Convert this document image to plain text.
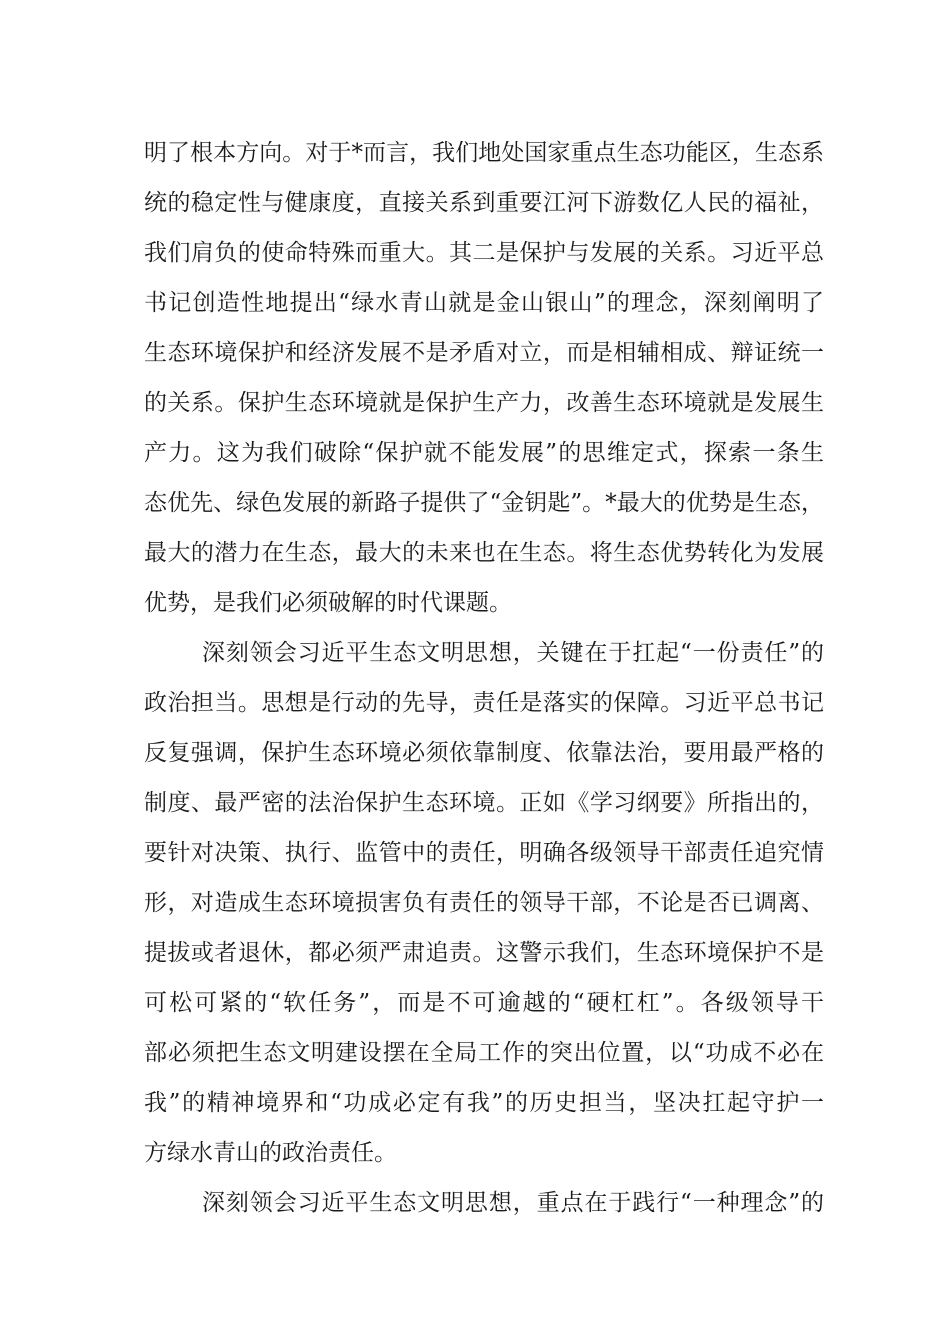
明了根本方向。对于*而言，我们地处国家重点生态功能区，生态系
统的稳定性与健康度，直接关系到重要江河下游数亿人民的福祉，
我们肩负的使命特殊而重大。其二是保护与发展的关系。习近平总
书记创造性地提出“绿水青山就是金山银山”的理念，深刻阐明了
生态环境保护和经济发展不是矛盾对立，而是相辅相成、辩证统一
的关系。保护生态环境就是保护生产力，改善生态环境就是发展生
产力。这为我们破除“保护就不能发展”的思维定式，探索一条生
态优先、绿色发展的新路子提供了“金钥匙”。*最大的优势是生态，
最大的潜力在生态，最大的未来也在生态。将生态优势转化为发展
优势，是我们必须破解的时代课题。
深刻领会习近平生态文明思想，关键在于扛起“一份责任”的
政治担当。思想是行动的先导，责任是落实的保障。习近平总书记
反复强调，保护生态环境必须依靠制度、依靠法治，要用最严格的
制度、最严密的法治保护生态环境。正如《学习纲要》所指出的，
要针对决策、执行、监管中的责任，明确各级领导干部责任追究情
形，对造成生态环境损害负有责任的领导干部，不论是否已调离、
提拔或者退休，都必须严肃追责。这警示我们，生态环境保护不是
可松可紧的“软任务”，而是不可逾越的“硬杠杠”。各级领导干
部必须把生态文明建设摆在全局工作的突出位置，以“功成不必在
我”的精神境界和“功成必定有我”的历史担当，坚决扛起守护一
方绿水青山的政治责任。
深刻领会习近平生态文明思想，重点在于践行“一种理念”的
